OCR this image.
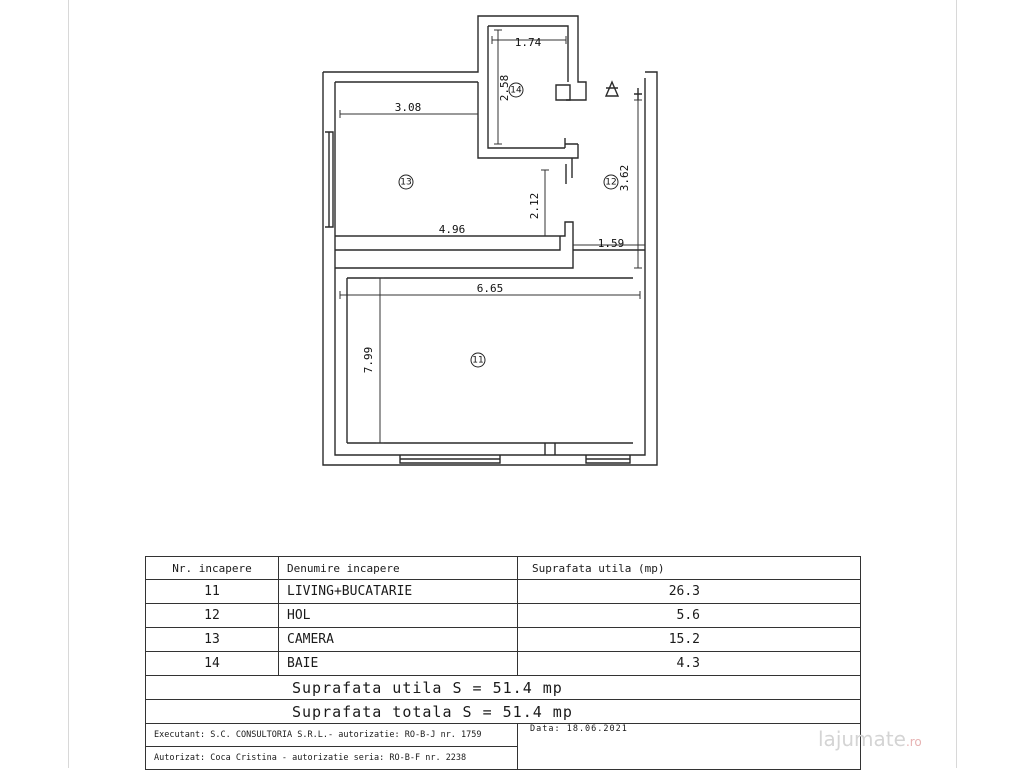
1.74
2.58
3.08
3.62
2.12
4.96
1.59
6.65
7.99
14
13	12
11
Nr. incapere	Denumire incapere	Suprafata utila (mp)
11	LIVING+BUCATARIE	26.3
12	HOL	5.6
13	CAMERA	15.2
14	BAIE	4.3
Suprafata utila S = 51.4 mp		
Suprafata totala S = 51.4 mp		
Executant: S.C. CONSULTORIA S.R.L.- autorizatie: RO-B-J nr. 1759		Data: 18.06.2021
Autorizat: Coca Cristina - autorizatie seria: RO-B-F nr. 2238		
lajumate.ro
